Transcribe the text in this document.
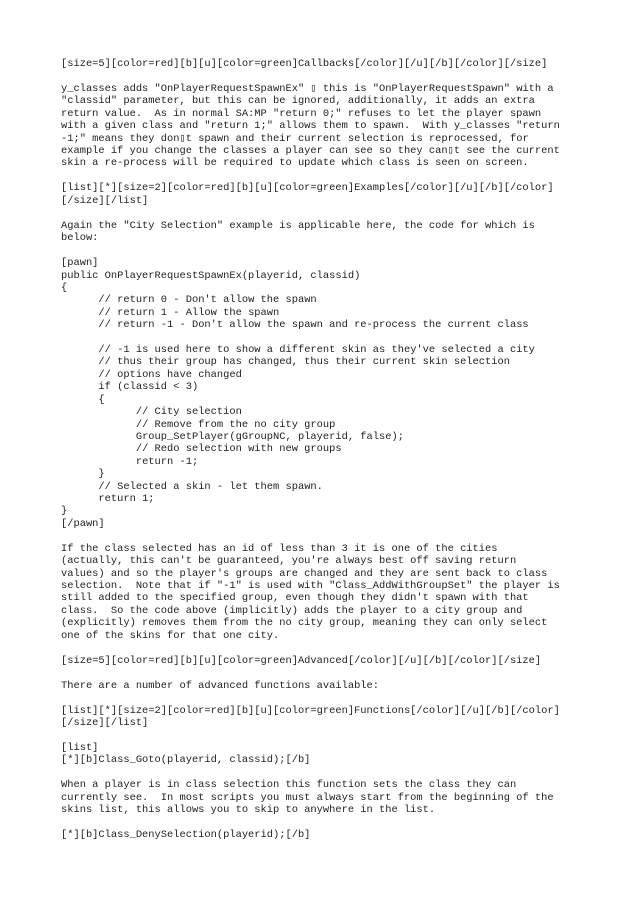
[size=5][color=red][b][u][color=green]Callbacks[/color][/u][/b][/color][/size]
y_classes adds "OnPlayerRequestSpawnEx" ▯ this is "OnPlayerRequestSpawn" with a
"classid" parameter, but this can be ignored, additionally, it adds an extra
return value.  As in normal SA:MP "return 0;" refuses to let the player spawn
with a given class and "return 1;" allows them to spawn.  With y_classes "return
-1;" means they don▯t spawn and their current selection is reprocessed, for
example if you change the classes a player can see so they can▯t see the current
skin a re-process will be required to update which class is seen on screen.
[list][*][size=2][color=red][b][u][color=green]Examples[/color][/u][/b][/color]
[/size][/list]
Again the "City Selection" example is applicable here, the code for which is
below:
[pawn]
public OnPlayerRequestSpawnEx(playerid, classid)
{
// return 0 - Don't allow the spawn
// return 1 - Allow the spawn
// return -1 - Don't allow the spawn and re-process the current class
// -1 is used here to show a different skin as they've selected a city
// thus their group has changed, thus their current skin selection
// options have changed
if (classid < 3)
{
// City selection
// Remove from the no city group
Group_SetPlayer(gGroupNC, playerid, false);
// Redo selection with new groups
return -1;
}
// Selected a skin - let them spawn.
return 1;
}
[/pawn]
If the class selected has an id of less than 3 it is one of the cities
(actually, this can't be guaranteed, you're always best off saving return
values) and so the player's groups are changed and they are sent back to class
selection.  Note that if "-1" is used with "Class_AddWithGroupSet" the player is
still added to the specified group, even though they didn't spawn with that
class.  So the code above (implicitly) adds the player to a city group and
(explicitly) removes them from the no city group, meaning they can only select
one of the skins for that one city.
[size=5][color=red][b][u][color=green]Advanced[/color][/u][/b][/color][/size]
There are a number of advanced functions available:
[list][*][size=2][color=red][b][u][color=green]Functions[/color][/u][/b][/color]
[/size][/list]
[list]
[*][b]Class_Goto(playerid, classid);[/b]
When a player is in class selection this function sets the class they can
currently see.  In most scripts you must always start from the beginning of the
skins list, this allows you to skip to anywhere in the list.
[*][b]Class_DenySelection(playerid);[/b]
